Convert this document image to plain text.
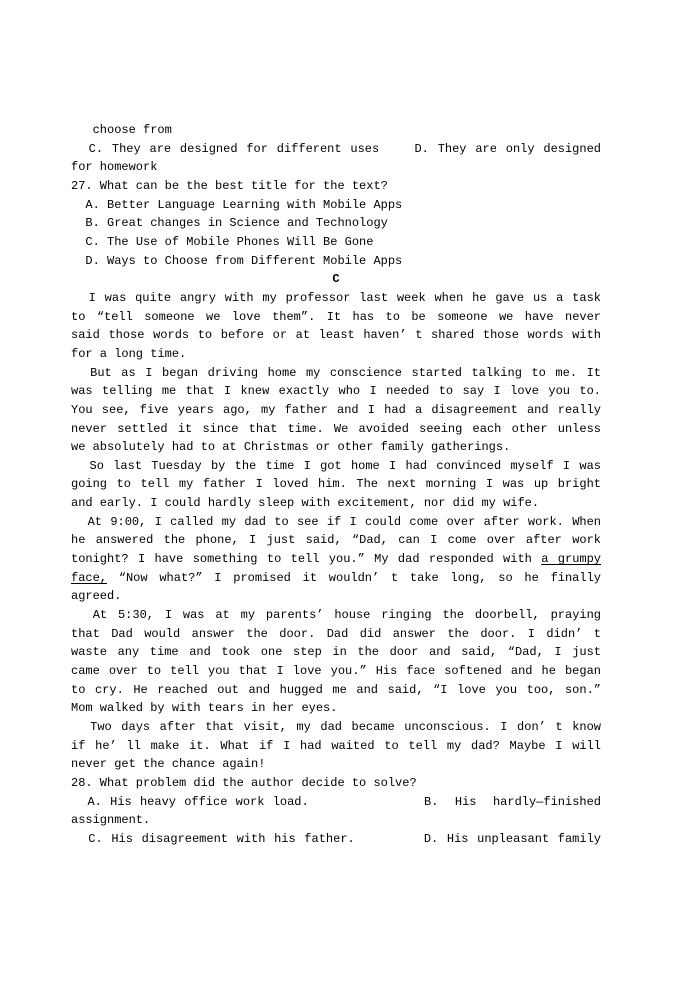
choose from
C. They are designed for different uses    D. They are only designed
for homework
27. What can be the best title for the text?
A. Better Language Learning with Mobile Apps
B. Great changes in Science and Technology
C. The Use of Mobile Phones Will Be Gone
D. Ways to Choose from Different Mobile Apps
C
I was quite angry with my professor last week when he gave us a task
to “tell someone we love them”. It has to be someone we have never
said those words to before or at least haven’ t shared those words with
for a long time.
But as I began driving home my conscience started talking to me. It
was telling me that I knew exactly who I needed to say I love you to.
You see, five years ago, my father and I had a disagreement and really
never settled it since that time. We avoided seeing each other unless
we absolutely had to at Christmas or other family gatherings.
So last Tuesday by the time I got home I had convinced myself I was
going to tell my father I loved him. The next morning I was up bright
and early. I could hardly sleep with excitement, nor did my wife.
At 9:00, I called my dad to see if I could come over after work. When
he answered the phone, I just said, “Dad, can I come over after work
tonight? I have something to tell you.” My dad responded with a grumpy
face, “Now what?” I promised it wouldn’ t take long, so he finally
agreed.
At 5:30, I was at my parents’ house ringing the doorbell, praying
that Dad would answer the door. Dad did answer the door. I didn’ t
waste any time and took one step in the door and said, “Dad, I just
came over to tell you that I love you.” His face softened and he began
to cry. He reached out and hugged me and said, “I love you too, son.”
Mom walked by with tears in her eyes.
Two days after that visit, my dad became unconscious. I don’ t know
if he’ ll make it. What if I had waited to tell my dad? Maybe I will
never get the chance again!
28. What problem did the author decide to solve?
A. His heavy office work load.              B.  His  hardly—finished
assignment.
C. His disagreement with his father.        D. His unpleasant family
